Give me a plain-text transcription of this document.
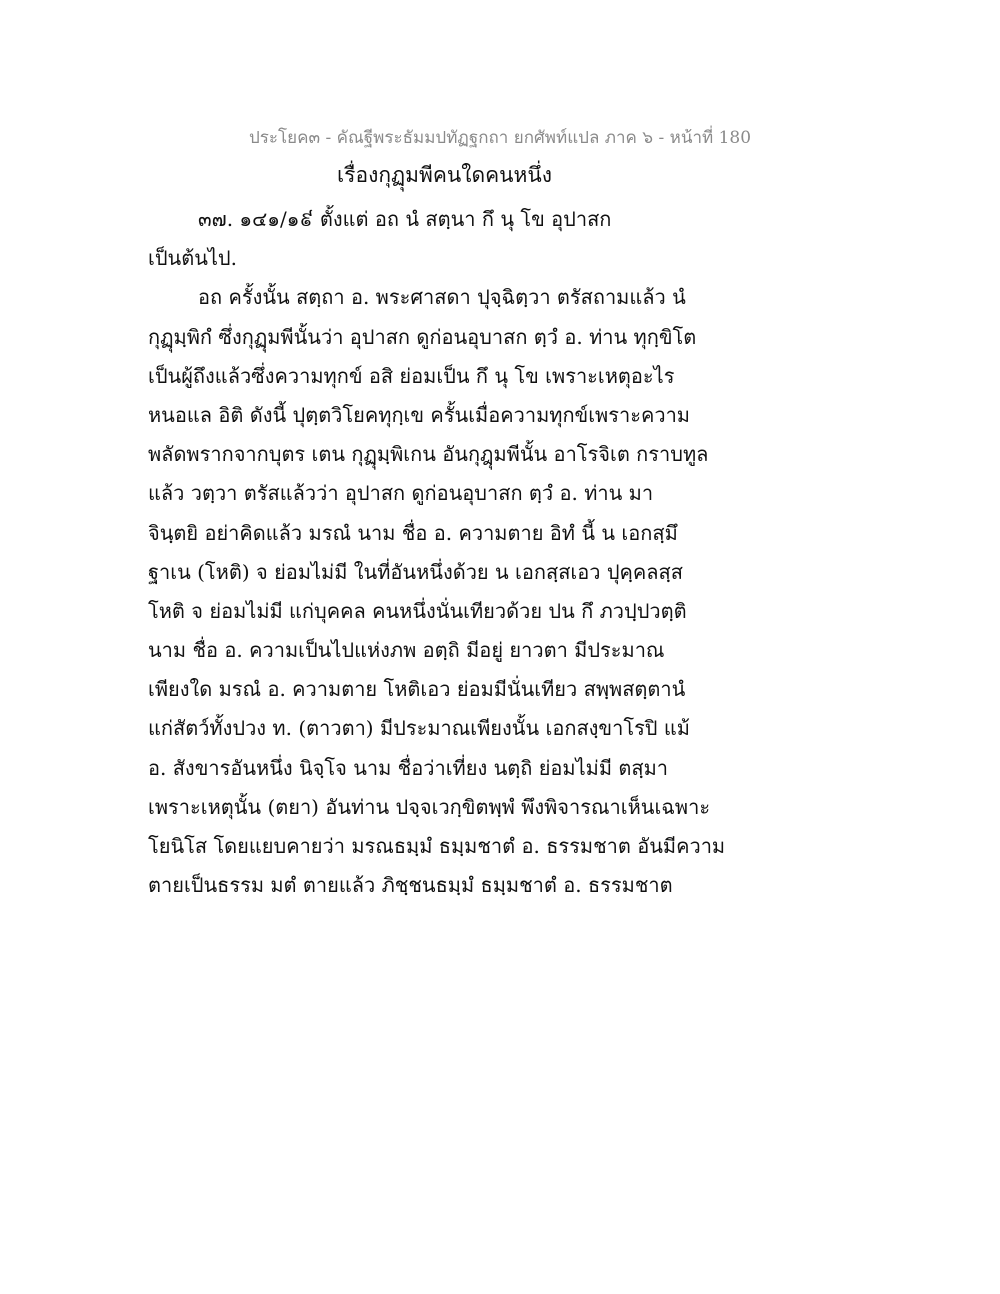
ประโยค๓ - คัณฐีพระธัมมปทัฏฐกถา ยกศัพท์แปล ภาค ๖ - หน้าที่ 180
เรื่องกุฏุมพีคนใดคนหนึ่ง
๓๗. ๑๔๑/๑៩ ตั้งแต่ อถ นํ สตฺนา กึ นุ โข อุปาสก
เป็นต้นไป.
อถ ครั้งนั้น สตฺถา อ. พระศาสดา ปุจฺฉิตฺวา ตรัสถามแล้ว นํ
กุฏุมฺพิกํ ซึ่งกุฏุมพีนั้นว่า อุปาสก ดูก่อนอุบาสก ตฺวํ อ. ท่าน ทุกฺขิโต
เป็นผู้ถึงแล้วซึ่งความทุกข์ อสิ ย่อมเป็น กึ นุ โข เพราะเหตุอะไร
หนอแล อิติ ดังนี้ ปุตฺตวิโยคทุกฺเข ครั้นเมื่อความทุกข์เพราะความ
พลัดพรากจากบุตร เตน กุฏุมฺพิเกน อันกุฎุมพีนั้น อาโรจิเต กราบทูล
แล้ว วตฺวา ตรัสแล้วว่า อุปาสก ดูก่อนอุบาสก ตฺวํ อ. ท่าน มา
จินฺตยิ อย่าคิดแล้ว มรณํ นาม ชื่อ อ. ความตาย อิทํ นี้ น เอกสฺมึ
ฐาเน (โหติ) จ ย่อมไม่มี ในที่อันหนึ่งด้วย น เอกสฺสเอว ปุคฺคลสฺส
โหติ จ ย่อมไม่มี แก่บุคคล คนหนึ่งนั่นเทียวด้วย ปน กึ ภวปฺปวตฺติ
นาม ชื่อ อ. ความเป็นไปแห่งภพ อตฺถิ มีอยู่ ยาวตา มีประมาณ
เพียงใด มรณํ อ. ความตาย โหติเอว ย่อมมีนั่นเทียว สพฺพสตฺตานํ
แก่สัตว์ทั้งปวง ท. (ตาวตา) มีประมาณเพียงนั้น เอกสงฺขาโรปิ แม้
อ. สังขารอันหนึ่ง นิจฺโจ นาม ชื่อว่าเที่ยง นตฺถิ ย่อมไม่มี ตสฺมา
เพราะเหตุนั้น (ตยา) อันท่าน ปจฺจเวกฺขิตพฺพํ พึงพิจารณาเห็นเฉพาะ
โยนิโส โดยแยบคายว่า มรณธมฺมํ ธมฺมชาตํ อ. ธรรมชาต อันมีความ
ตายเป็นธรรม มตํ ตายแล้ว ภิชฺชนธมฺมํ ธมฺมชาตํ อ. ธรรมชาต
